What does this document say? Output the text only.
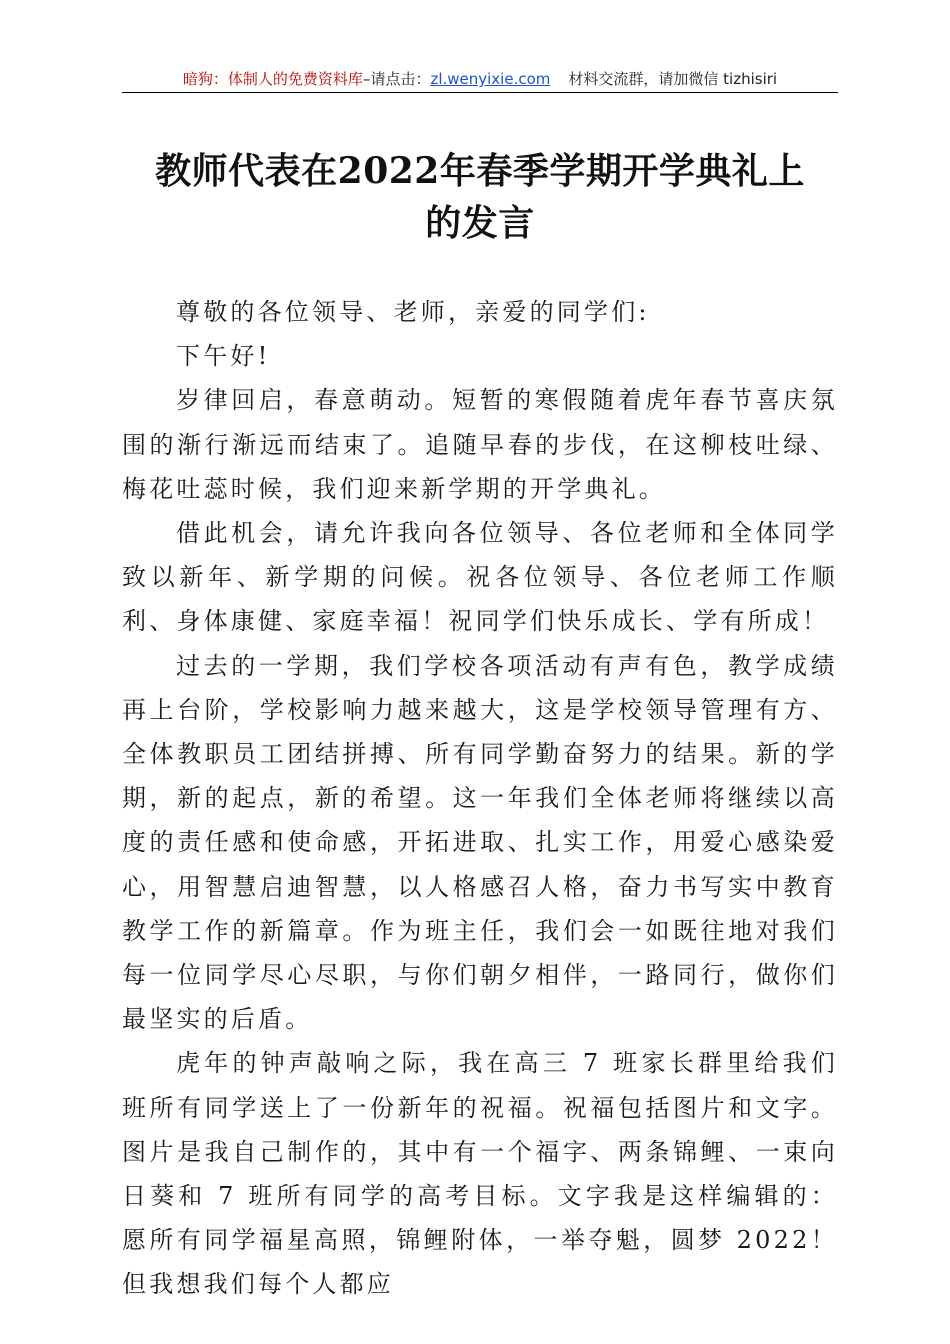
暗狗：体制人的免费资料库–请点击：zl.wenyixie.com 材料交流群，请加微信 tizhisiri
教师代表在2022年春季学期开学典礼上的发言

尊敬的各位领导、老师，亲爱的同学们:

下午好!

岁律回启，春意萌动。短暂的寒假随着虎年春节喜庆氛围的渐行渐远而结束了。追随早春的步伐，在这柳枝吐绿、梅花吐蕊时候，我们迎来新学期的开学典礼。

借此机会，请允许我向各位领导、各位老师和全体同学致以新年、新学期的问候。祝各位领导、各位老师工作顺利、身体康健、家庭幸福！祝同学们快乐成长、学有所成！

过去的一学期，我们学校各项活动有声有色，教学成绩再上台阶，学校影响力越来越大，这是学校领导管理有方、全体教职员工团结拼搏、所有同学勤奋努力的结果。新的学期，新的起点，新的希望。这一年我们全体老师将继续以高度的责任感和使命感，开拓进取、扎实工作，用爱心感染爱心，用智慧启迪智慧，以人格感召人格，奋力书写实中教育教学工作的新篇章。作为班主任，我们会一如既往地对我们每一位同学尽心尽职，与你们朝夕相伴，一路同行，做你们最坚实的后盾。

虎年的钟声敲响之际，我在高三 7 班家长群里给我们班所有同学送上了一份新年的祝福。祝福包括图片和文字。图片是我自己制作的，其中有一个福字、两条锦鲤、一束向日葵和 7 班所有同学的高考目标。文字我是这样编辑的：愿所有同学福星高照，锦鲤附体，一举夺魁，圆梦 2022！但我想我们每个人都应
